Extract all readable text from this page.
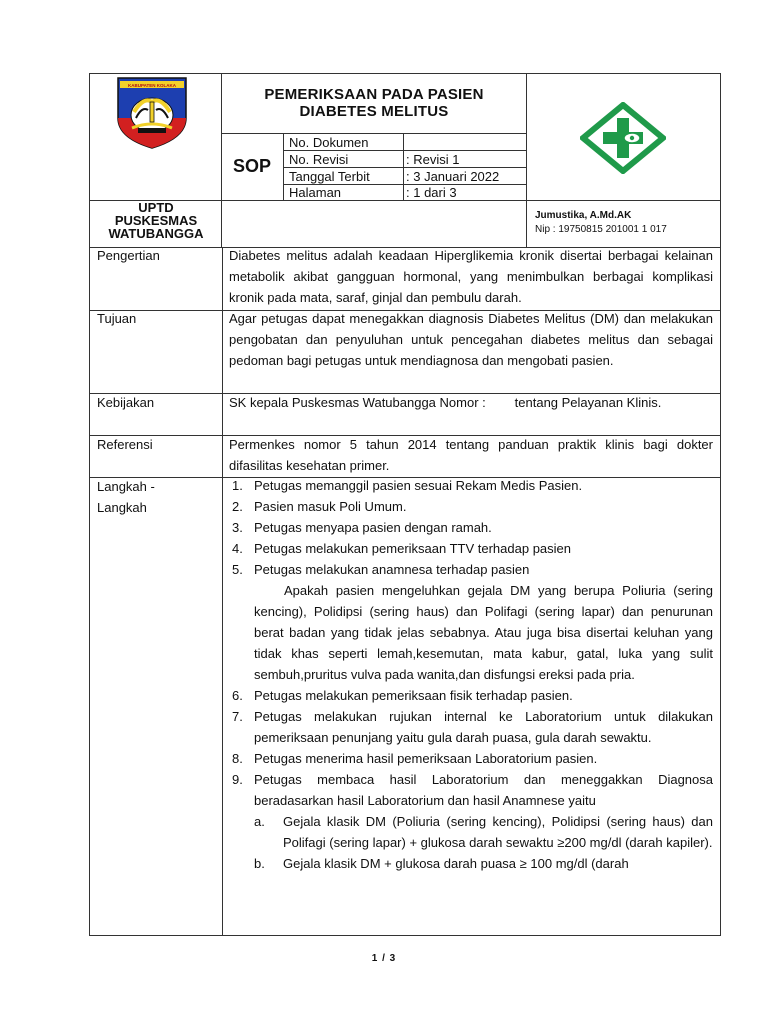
KABUPATEN KOLAKA
PEMERIKSAAN PADA PASIEN
DIABETES MELITUS
SOP
No. Dokumen
No. Revisi	: Revisi 1
Tanggal Terbit	: 3 Januari 2022
Halaman	: 1 dari 3
UPTD
PUSKESMAS
WATUBANGGA
Jumustika, A.Md.AK
Nip : 19750815 201001 1 017
Pengertian	Diabetes melitus adalah keadaan Hiperglikemia kronik disertai berbagai kelainan metabolik akibat gangguan hormonal, yang menimbulkan berbagai komplikasi kronik pada mata, saraf, ginjal dan pembulu darah.
Tujuan	Agar petugas dapat menegakkan diagnosis Diabetes Melitus (DM) dan melakukan pengobatan dan penyuluhan untuk pencegahan diabetes melitus dan sebagai pedoman bagi petugas untuk mendiagnosa dan mengobati pasien.
Kebijakan	SK kepala Puskesmas Watubangga Nomor :        tentang Pelayanan Klinis.
Referensi	Permenkes nomor 5 tahun 2014 tentang panduan praktik klinis bagi dokter difasilitas kesehatan primer.
Langkah -
Langkah
1. Petugas memanggil pasien sesuai Rekam Medis Pasien.
2. Pasien masuk Poli Umum.
3. Petugas menyapa pasien dengan ramah.
4. Petugas melakukan pemeriksaan TTV terhadap pasien
5. Petugas melakukan anamnesa terhadap pasien
Apakah pasien mengeluhkan gejala DM yang berupa Poliuria (sering kencing), Polidipsi (sering haus) dan Polifagi (sering lapar) dan penurunan berat badan yang tidak jelas sebabnya. Atau juga bisa disertai keluhan yang tidak khas seperti lemah,kesemutan, mata kabur, gatal, luka yang sulit sembuh,pruritus vulva pada wanita,dan disfungsi ereksi pada pria.
6. Petugas melakukan pemeriksaan fisik terhadap pasien.
7. Petugas melakukan rujukan internal ke Laboratorium untuk dilakukan pemeriksaan penunjang yaitu gula darah puasa, gula darah sewaktu.
8. Petugas menerima hasil pemeriksaan Laboratorium pasien.
9. Petugas membaca hasil Laboratorium dan meneggakkan Diagnosa beradasarkan hasil Laboratorium dan hasil Anamnese yaitu
a. Gejala klasik DM (Poliuria (sering kencing), Polidipsi (sering haus) dan Polifagi (sering lapar) + glukosa darah sewaktu ≥200 mg/dl (darah kapiler).
b. Gejala klasik DM + glukosa darah puasa ≥ 100 mg/dl (darah
1 / 3
